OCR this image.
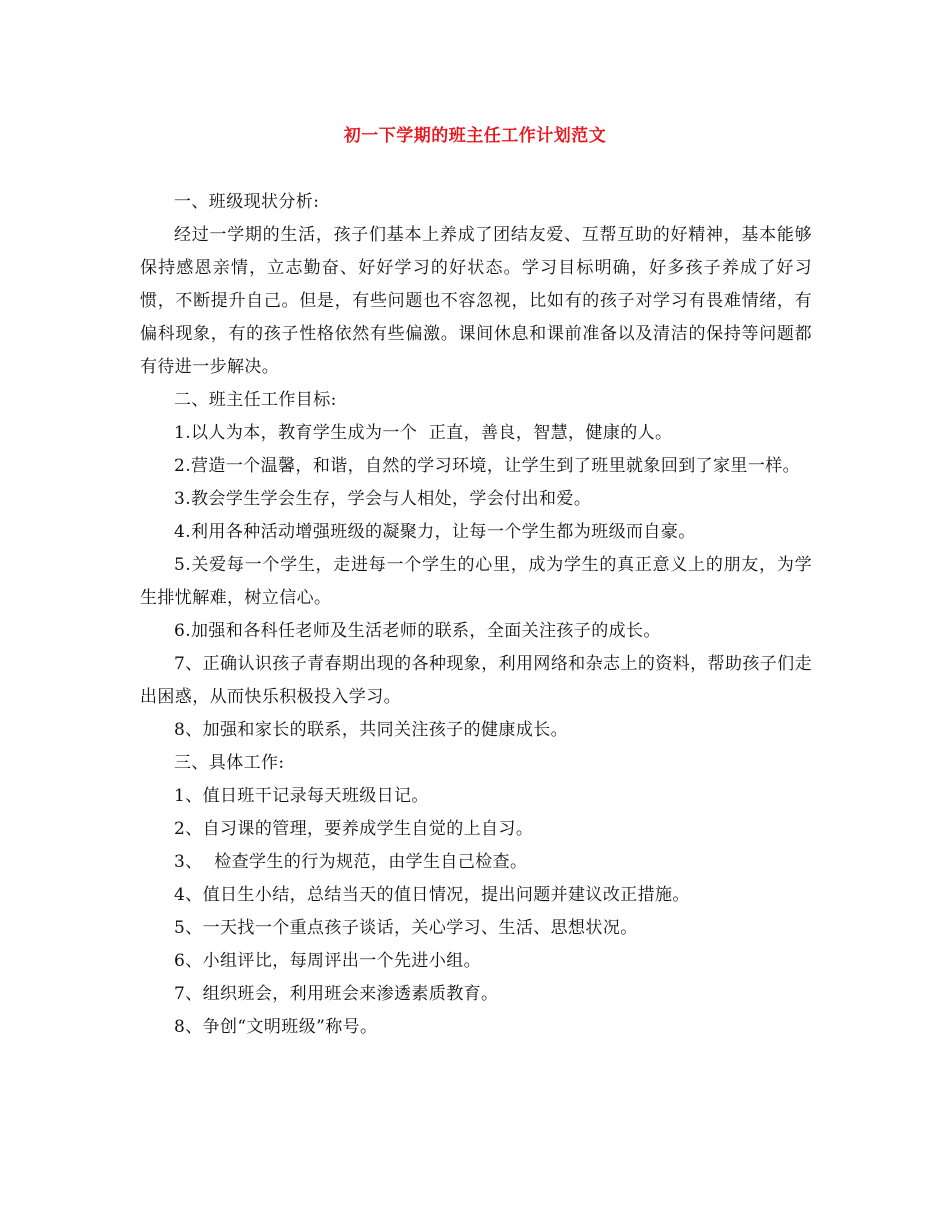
初一下学期的班主任工作计划范文

一、班级现状分析:

经过一学期的生活，孩子们基本上养成了团结友爱、互帮互助的好精神，基本能够保持感恩亲情，立志勤奋、好好学习的好状态。学习目标明确，好多孩子养成了好习惯，不断提升自己。但是，有些问题也不容忽视，比如有的孩子对学习有畏难情绪，有偏科现象，有的孩子性格依然有些偏激。课间休息和课前准备以及清洁的保持等问题都有待进一步解决。

二、班主任工作目标:

1.以人为本，教育学生成为一个  正直，善良，智慧，健康的人。

2.营造一个温馨，和谐，自然的学习环境，让学生到了班里就象回到了家里一样。

3.教会学生学会生存，学会与人相处，学会付出和爱。

4.利用各种活动增强班级的凝聚力，让每一个学生都为班级而自豪。

5.关爱每一个学生，走进每一个学生的心里，成为学生的真正意义上的朋友，为学生排忧解难，树立信心。

6.加强和各科任老师及生活老师的联系，全面关注孩子的成长。

7、正确认识孩子青春期出现的各种现象，利用网络和杂志上的资料，帮助孩子们走出困惑，从而快乐积极投入学习。

8、加强和家长的联系，共同关注孩子的健康成长。

三、具体工作:

1、值日班干记录每天班级日记。

2、自习课的管理，要养成学生自觉的上自习。

3、  检查学生的行为规范，由学生自己检查。

4、值日生小结，总结当天的值日情况，提出问题并建议改正措施。

5、一天找一个重点孩子谈话，关心学习、生活、思想状况。

6、小组评比，每周评出一个先进小组。

7、组织班会，利用班会来渗透素质教育。

8、争创“文明班级”称号。
